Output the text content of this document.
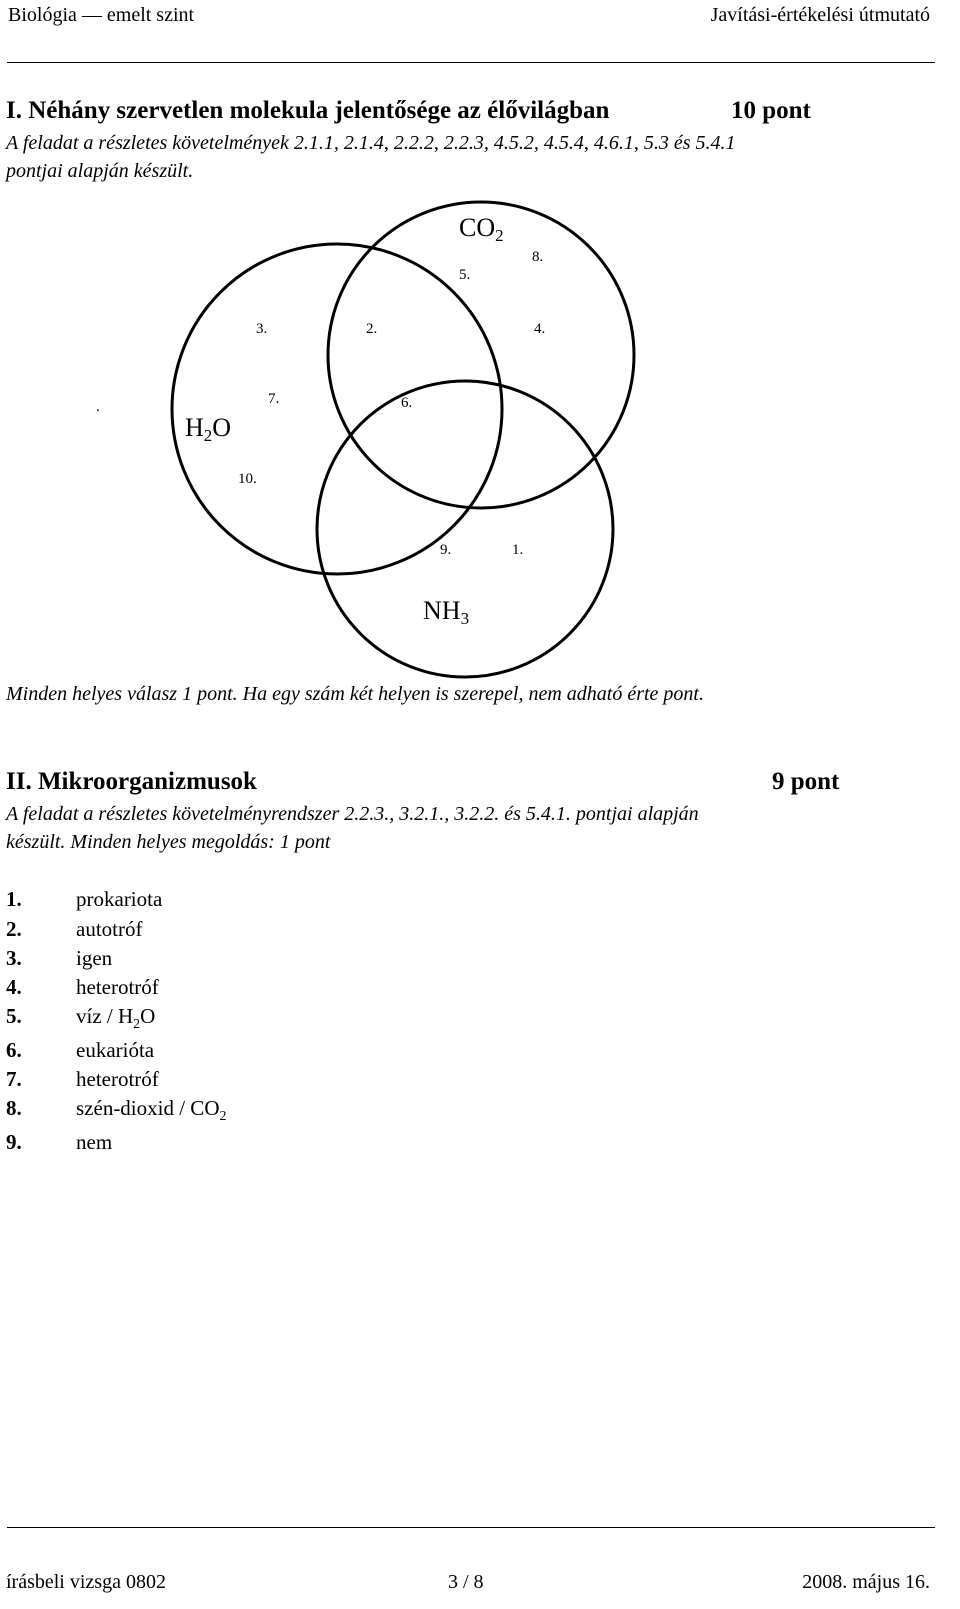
Biológia — emelt szint	Javítási-értékelési útmutató
I. Néhány szervetlen molekula jelentősége az élővilágban	10 pont
A feladat a részletes követelmények 2.1.1, 2.1.4, 2.2.2, 2.2.3, 4.5.2, 4.5.4, 4.6.1, 5.3 és 5.4.1
pontjai alapján készült.
CO2
H2O
NH3
8.
5.
3.	2.	4.
.	7.	6.
10.
9.	1.
Minden helyes válasz 1 pont. Ha egy szám két helyen is szerepel, nem adható érte pont.
II. Mikroorganizmusok	9 pont
A feladat a részletes követelményrendszer 2.2.3., 3.2.1., 3.2.2. és 5.4.1. pontjai alapján
készült. Minden helyes megoldás: 1 pont
1.	prokariota
2.	autotróf
3.	igen
4.	heterotróf
5.	víz / $H_2O$
6.	eukarióta
7.	heterotróf
8.	szén-dioxid / $CO_2$
9.	nem
írásbeli vizsga 0802	3 / 8	2008. május 16.
